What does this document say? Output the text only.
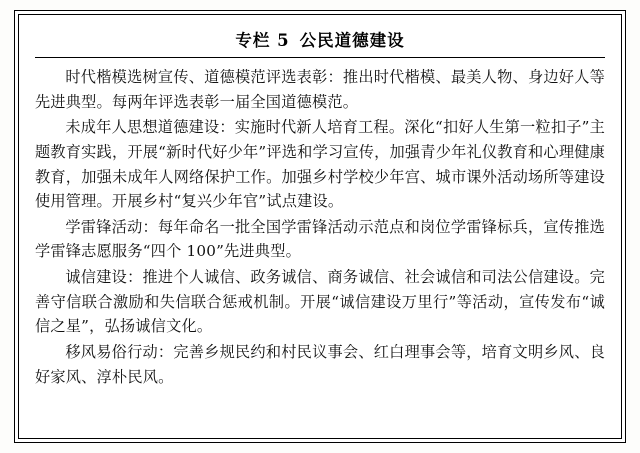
专栏 5 公民道德建设

时代楷模选树宣传、道德模范评选表彰：推出时代楷模、最美人物、身边好人等先进典型。每两年评选表彰一届全国道德模范。

未成年人思想道德建设：实施时代新人培育工程。深化“扣好人生第一粒扣子”主题教育实践，开展“新时代好少年”评选和学习宣传，加强青少年礼仪教育和心理健康教育，加强未成年人网络保护工作。加强乡村学校少年宫、城市课外活动场所等建设使用管理。开展乡村“复兴少年官”试点建设。

学雷锋活动：每年命名一批全国学雷锋活动示范点和岗位学雷锋标兵，宣传推选学雷锋志愿服务“四个 100”先进典型。

诚信建设：推进个人诚信、政务诚信、商务诚信、社会诚信和司法公信建设。完善守信联合激励和失信联合惩戒机制。开展“诚信建设万里行”等活动，宣传发布“诚信之星”，弘扬诚信文化。

移风易俗行动：完善乡规民约和村民议事会、红白理事会等，培育文明乡风、良好家风、淳朴民风。
